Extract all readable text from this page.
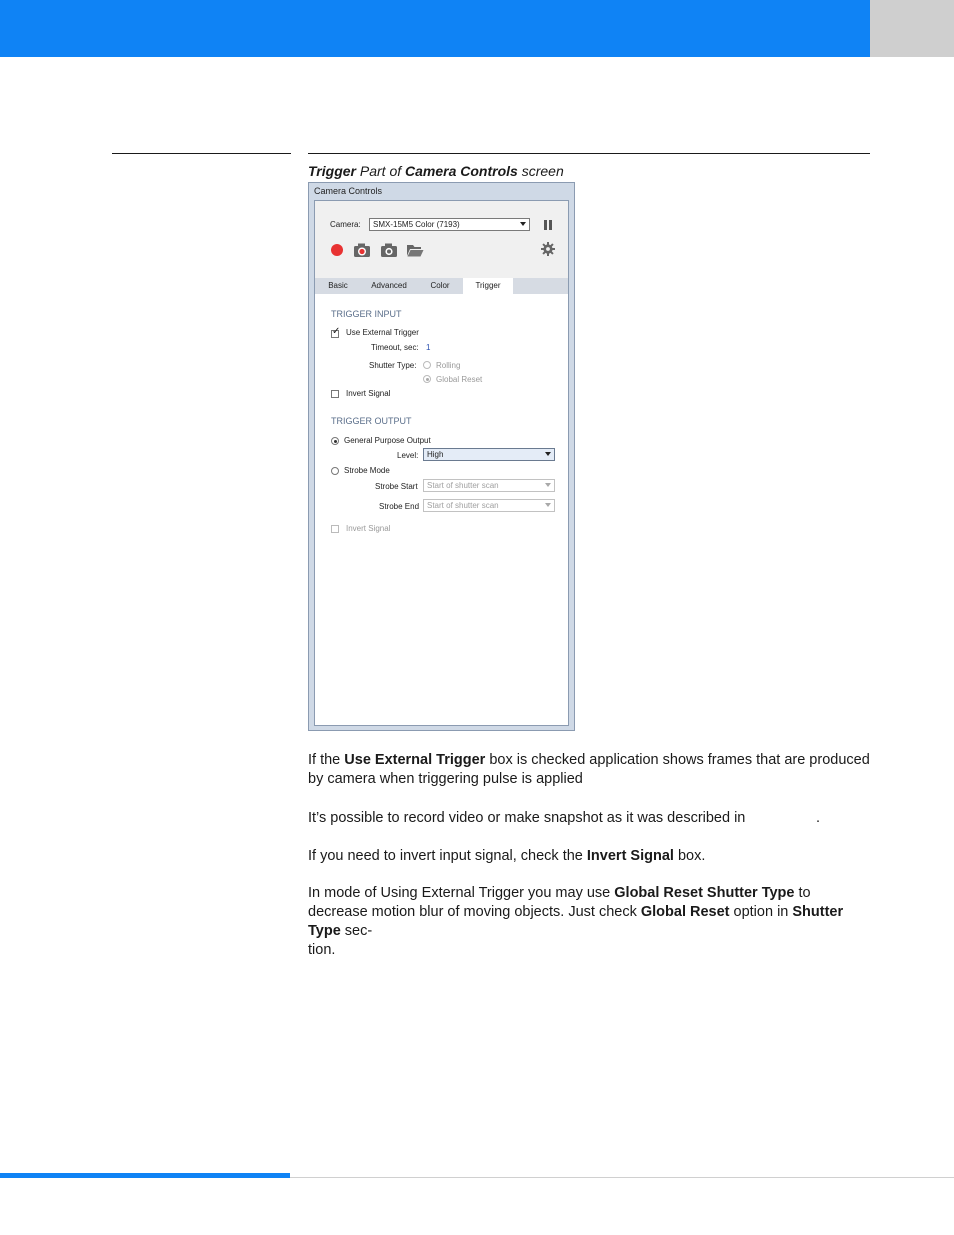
Trigger Part of Camera Controls screen
Camera Controls
Camera:	SMX-15M5 Color (7193)
Basic	Advanced	Color	Trigger
TRIGGER INPUT
✓ Use External Trigger
Timeout, sec: 1
Shutter Type: Rolling
Global Reset
Invert Signal
TRIGGER OUTPUT
General Purpose Output
Level:	High
Strobe Mode
Strobe Start	Start of shutter scan
Strobe End Start of shutter scan
Invert Signal
If the Use External Trigger box is checked application shows frames that are produced by camera when triggering pulse is applied
It’s possible to record video or make snapshot as it was described in	.
If you need to invert input signal, check the Invert Signal box.
In mode of Using External Trigger you may use Global Reset Shutter Type to decrease motion blur of moving objects. Just check Global Reset option in Shutter Type sec-
tion.
